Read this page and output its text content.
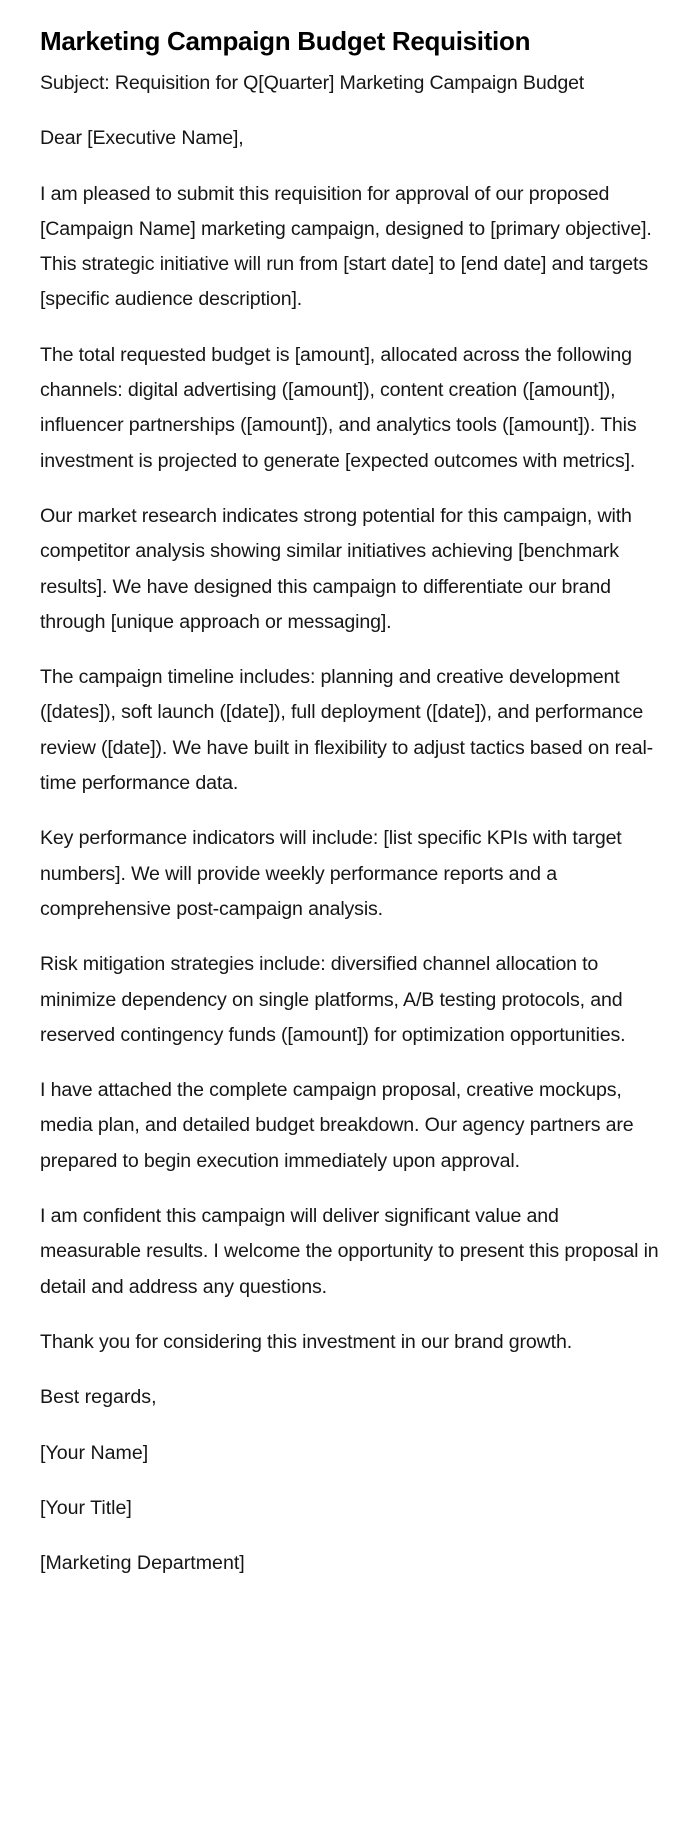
Marketing Campaign Budget Requisition

Subject: Requisition for Q[Quarter] Marketing Campaign Budget

Dear [Executive Name],

I am pleased to submit this requisition for approval of our proposed [Campaign Name] marketing campaign, designed to [primary objective]. This strategic initiative will run from [start date] to [end date] and targets [specific audience description].

The total requested budget is [amount], allocated across the following channels: digital advertising ([amount]), content creation ([amount]), influencer partnerships ([amount]), and analytics tools ([amount]). This investment is projected to generate [expected outcomes with metrics].

Our market research indicates strong potential for this campaign, with competitor analysis showing similar initiatives achieving [benchmark results]. We have designed this campaign to differentiate our brand through [unique approach or messaging].

The campaign timeline includes: planning and creative development ([dates]), soft launch ([date]), full deployment ([date]), and performance review ([date]). We have built in flexibility to adjust tactics based on real-time performance data.

Key performance indicators will include: [list specific KPIs with target numbers]. We will provide weekly performance reports and a comprehensive post-campaign analysis.

Risk mitigation strategies include: diversified channel allocation to minimize dependency on single platforms, A/B testing protocols, and reserved contingency funds ([amount]) for optimization opportunities.

I have attached the complete campaign proposal, creative mockups, media plan, and detailed budget breakdown. Our agency partners are prepared to begin execution immediately upon approval.

I am confident this campaign will deliver significant value and measurable results. I welcome the opportunity to present this proposal in detail and address any questions.

Thank you for considering this investment in our brand growth.

Best regards,

[Your Name]

[Your Title]

[Marketing Department]
